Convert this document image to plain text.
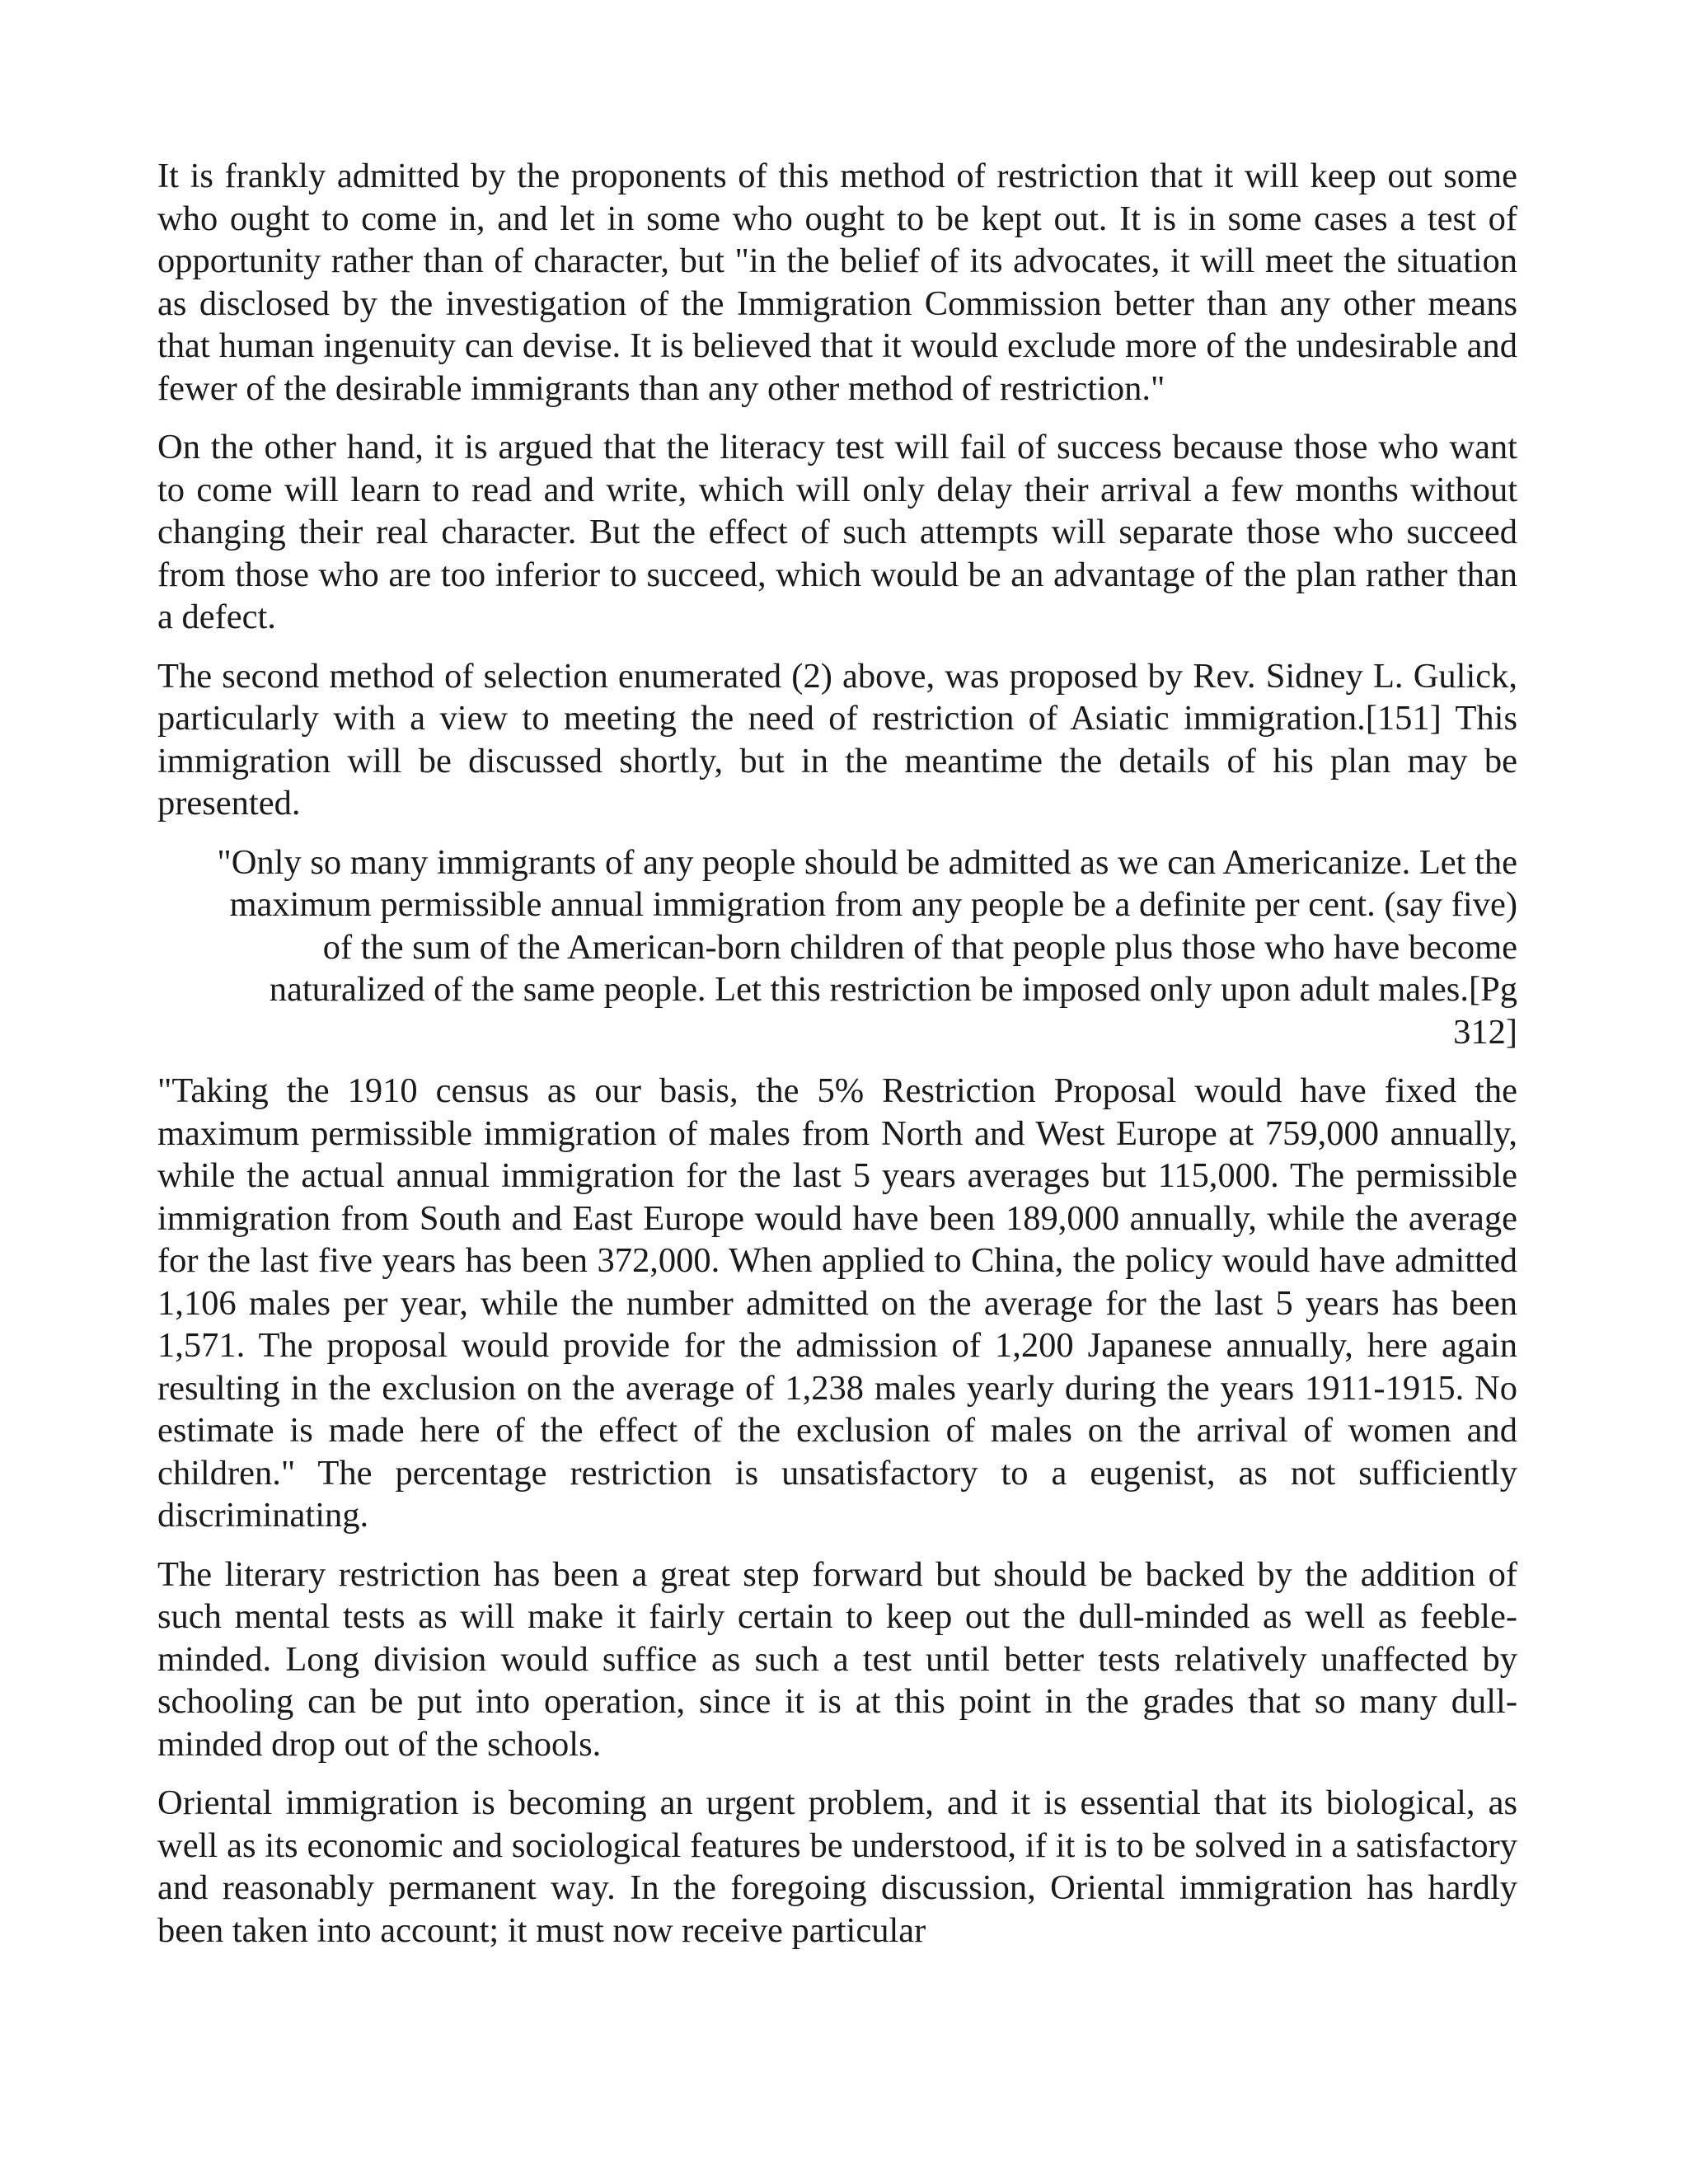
It is frankly admitted by the proponents of this method of restriction that it will keep out some who ought to come in, and let in some who ought to be kept out. It is in some cases a test of opportunity rather than of character, but "in the belief of its advocates, it will meet the situation as disclosed by the investigation of the Immigration Commission better than any other means that human ingenuity can devise. It is believed that it would exclude more of the undesirable and fewer of the desirable immigrants than any other method of restriction."

On the other hand, it is argued that the literacy test will fail of success because those who want to come will learn to read and write, which will only delay their arrival a few months without changing their real character. But the effect of such attempts will separate those who succeed from those who are too inferior to succeed, which would be an advantage of the plan rather than a defect.

The second method of selection enumerated (2) above, was proposed by Rev. Sidney L. Gulick, particularly with a view to meeting the need of restriction of Asiatic immigration.[151] This immigration will be discussed shortly, but in the meantime the details of his plan may be presented.

"Only so many immigrants of any people should be admitted as we can Americanize. Let the maximum permissible annual immigration from any people be a definite per cent. (say five) of the sum of the American-born children of that people plus those who have become naturalized of the same people. Let this restriction be imposed only upon adult males.[Pg 312]

"Taking the 1910 census as our basis, the 5% Restriction Proposal would have fixed the maximum permissible immigration of males from North and West Europe at 759,000 annually, while the actual annual immigration for the last 5 years averages but 115,000. The permissible immigration from South and East Europe would have been 189,000 annually, while the average for the last five years has been 372,000. When applied to China, the policy would have admitted 1,106 males per year, while the number admitted on the average for the last 5 years has been 1,571. The proposal would provide for the admission of 1,200 Japanese annually, here again resulting in the exclusion on the average of 1,238 males yearly during the years 1911-1915. No estimate is made here of the effect of the exclusion of males on the arrival of women and children." The percentage restriction is unsatisfactory to a eugenist, as not sufficiently discriminating.

The literary restriction has been a great step forward but should be backed by the addition of such mental tests as will make it fairly certain to keep out the dull-minded as well as feeble-minded. Long division would suffice as such a test until better tests relatively unaffected by schooling can be put into operation, since it is at this point in the grades that so many dull-minded drop out of the schools.

Oriental immigration is becoming an urgent problem, and it is essential that its biological, as well as its economic and sociological features be understood, if it is to be solved in a satisfactory and reasonably permanent way. In the foregoing discussion, Oriental immigration has hardly been taken into account; it must now receive particular
